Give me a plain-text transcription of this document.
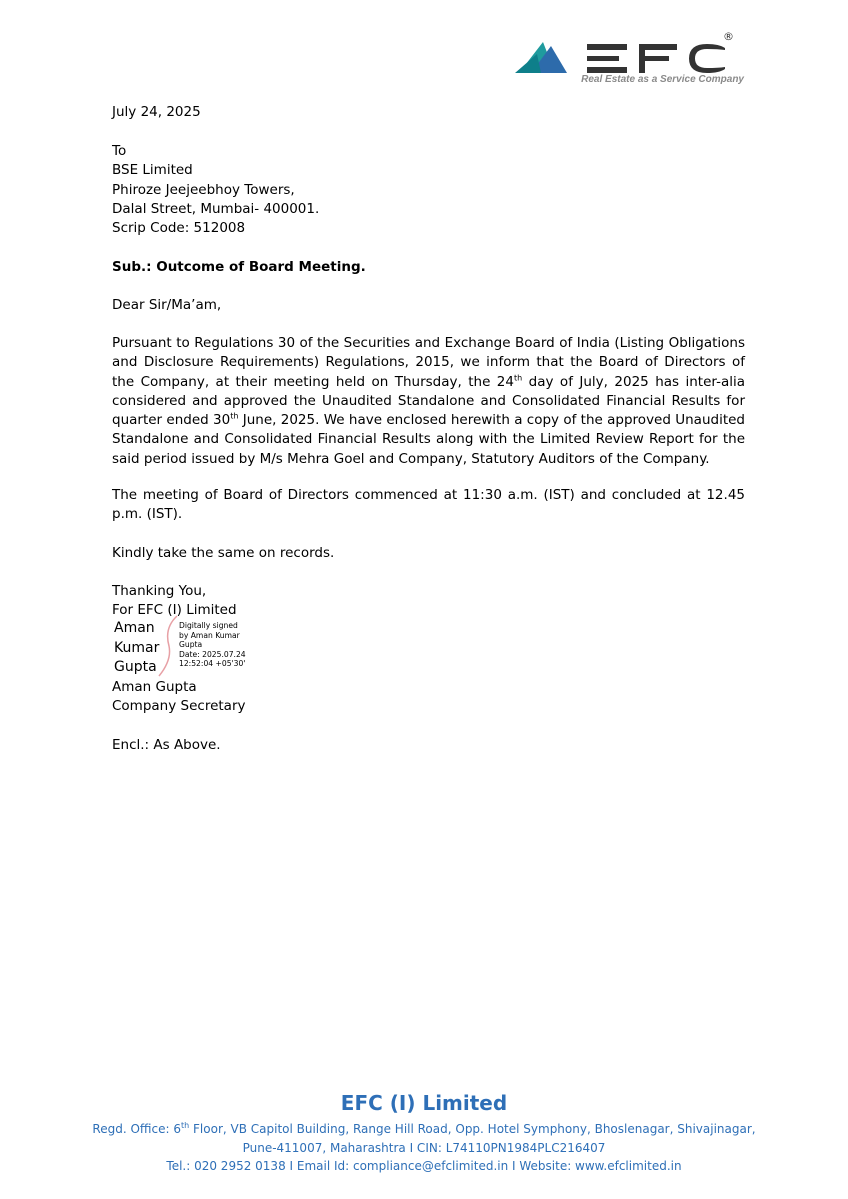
®
Real Estate as a Service Company
July 24, 2025
To
BSE Limited
Phiroze Jeejeebhoy Towers,
Dalal Street, Mumbai- 400001.
Scrip Code: 512008
Sub.: Outcome of Board Meeting.
Dear Sir/Ma’am,
Pursuant to Regulations 30 of the Securities and Exchange Board of India (Listing Obligations and Disclosure Requirements) Regulations, 2015, we inform that the Board of Directors of the Company, at their meeting held on Thursday, the 24th day of July, 2025 has inter-alia considered and approved the Unaudited Standalone and Consolidated Financial Results for quarter ended 30th June, 2025. We have enclosed herewith a copy of the approved Unaudited Standalone and Consolidated Financial Results along with the Limited Review Report for the said period issued by M/s Mehra Goel and Company, Statutory Auditors of the Company.
The meeting of Board of Directors commenced at 11:30 a.m. (IST) and concluded at 12.45 p.m. (IST).
Kindly take the same on records.
Thanking You,
For EFC (I) Limited
Aman
Kumar
Gupta
Digitally signed
by Aman Kumar
Gupta
Date: 2025.07.24
12:52:04 +05'30'
Aman Gupta
Company Secretary
Encl.: As Above.
EFC (I) Limited
Regd. Office: 6th Floor, VB Capitol Building, Range Hill Road, Opp. Hotel Symphony, Bhoslenagar, Shivajinagar,
Pune-411007, Maharashtra I CIN: L74110PN1984PLC216407
Tel.: 020 2952 0138 I Email Id: compliance@efclimited.in I Website: www.efclimited.in
